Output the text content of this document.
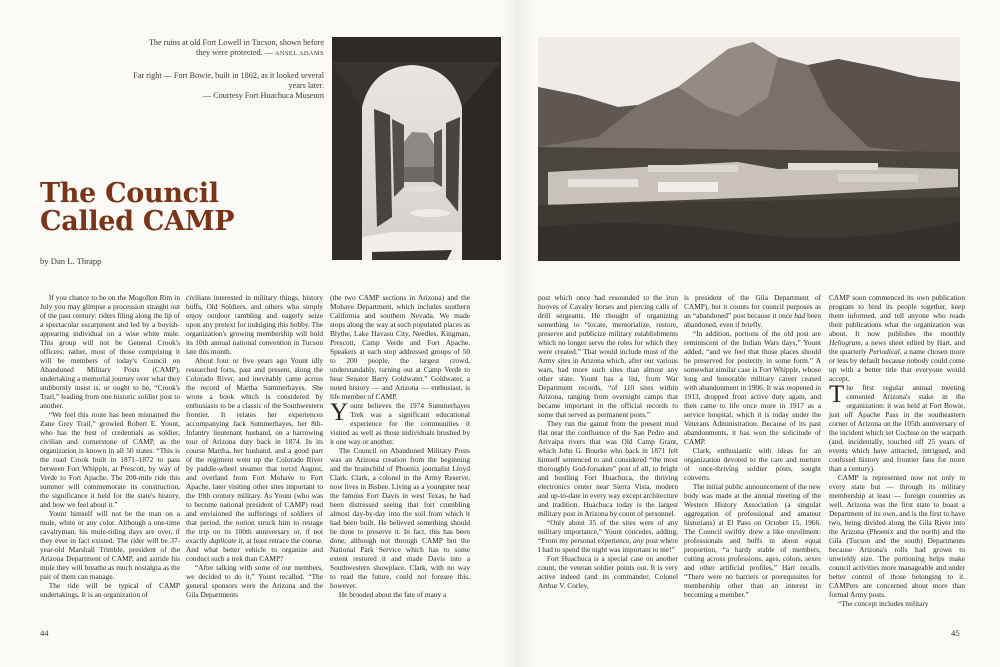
The ruins at old Fort Lowell in Tucson, shown before they were protected. — ANSEL ADAMS
Far right — Fort Bowie, built in 1862, as it looked several years later.
— Courtesy Fort Huachuca Museum
The Council
Called CAMP
by Dan L. Thrapp

If you chance to be on the Mogollon Rim in July you may glimpse a procession straight out of the past century: riders filing along the lip of a spectacular escarpment and led by a boyish-appearing individual on a wise white mule. This group will not be General Crook's officers; rather, most of those comprising it will be members of today's Council on Abandoned Military Posts (CAMP), undertaking a memorial journey over what they stubbornly insist is, or ought to be, “Crook's Trail,” leading from one historic soldier post to another.

“We feel this route has been misnamed the Zane Grey Trail,” growled Robert E. Yount, who has the best of credentials as soldier, civilian and cornerstone of CAMP, as the organization is known in all 50 states. “This is the road Crook built in 1871–1872 to pass between Fort Whipple, at Prescott, by way of Verde to Fort Apache. The 200-mile ride this summer will commemorate its construction, the significance it held for the state's history, and how we feel about it.”

Yount himself will not be the man on a mule, white or any color. Although a one-time cavalryman, his mule-riding days are over, if they ever in fact existed. The rider will be 37-year-old Marshall Trimble, president of the Arizona Department of CAMP, and astride his mule they will breathe as much nostalgia as the pair of them can manage.

The ride will be typical of CAMP undertakings. It is an organization of

civilians interested in military things, history buffs, Old Soldiers, and others who simply enjoy outdoor rambling and eagerly seize upon any pretext for indulging this hobby. The organization's growing membership will hold its 10th annual national convention in Tucson late this month.

About four or five years ago Yount idly researched forts, past and present, along the Colorado River, and inevitably came across the record of Martha Summerhayes. She wrote a book which is considered by enthusiasts to be a classic of the Southwestern frontier. It relates her experiences accompanying Jack Summerhayes, her 8th-Infantry lieutenant husband, on a harrowing tour of Arizona duty back in 1874. In its course Martha, her husband, and a good part of the regiment went up the Colorado River by paddle-wheel steamer that torrid August, and overland from Fort Mohave to Fort Apache, later visiting other sites important to the 19th century military. As Yount (who was to become national president of CAMP) read and envisioned the sufferings of soldiers of that period, the notion struck him to restage the trip on its 100th anniversary or, if not exactly duplicate it, at least retrace the course. And what better vehicle to organize and conduct such a trek than CAMP?

“After talking with some of our members, we decided to do it,” Yount recalled. “The general sponsors were the Arizona and the Gila Departments

(the two CAMP sections in Arizona) and the Mohave Department, which includes southern California and southern Nevada. We made stops along the way at such populated places as Blythe, Lake Havasu City, Needles, Kingman, Prescott, Camp Verde and Fort Apache. Speakers at each stop addressed groups of 50 to 200 people, the largest crowd, understandably, turning out at Camp Verde to hear Senator Barry Goldwater.” Goldwater, a noted history — and Arizona — enthusiast, is life member of CAMP.

Yount believes the 1974 Summerhayes Trek was a significant educational experience for the communities it visited as well as those individuals brushed by it one way or another.

The Council on Abandoned Military Posts was an Arizona creation from the beginning and the brainchild of Phoenix journalist Lloyd Clark. Clark, a colonel in the Army Reserve, now lives in Bisbee. Living as a youngster near the famous Fort Davis in west Texas, he had been distressed seeing that fort crumbling almost day-by-day into the soil from which it had been built. He believed something should be done to preserve it. In fact, this has been done, although not through CAMP but the National Park Service which has to some extent restored it and made Davis into a Southwestern showplace. Clark, with no way to read the future, could not foresee this, however.

He brooded about the fate of many a

post which once had resounded to the iron hooves of Cavalry horses and piercing calls of drill sergeants. He thought of organizing something to “locate, memorialize, restore, preserve and publicize military establishments which no longer serve the roles for which they were created.” That would include most of the Army sites in Arizona which, after our various wars, had more such sites than almost any other state. Yount has a list, from War Department records, “of 110 sites within Arizona, ranging from overnight camps that became important in the official records to some that served as permanent posts.”

They run the gamut from the present mud flat near the confluence of the San Pedro and Arivaipa rivers that was Old Camp Grant, which John G. Bourke who back in 1871 felt himself sentenced to and considered “the most thoroughly God-forsaken” post of all, to bright and bustling Fort Huachuca, the thriving electronics center near Sierra Vista, modern and up-to-date in every way except architecture and tradition. Huachuca today is the largest military post in Arizona by count of personnel.

“Only about 35 of the sites were of any military importance,” Yount concedes, adding, “From my personal experience, any post where I had to spend the night was important to me!”

Fort Huachuca is a special case on another count, the veteran soldier points out. It is very active indeed (and its commander, Colonel Arthur V. Corley,

is president of the Gila Department of CAMP), but it counts for council purposes as an “abandoned” post because it once had been abandoned, even if briefly.

“In addition, portions of the old post are reminiscent of the Indian Wars days,” Yount added, “and we feel that those places should be preserved for posterity in some form.” A somewhat similar case is Fort Whipple, whose long and honorable military career ceased with abandonment in 1906. It was reopened in 1913, dropped from active duty again, and then came to life once more in 1917 as a service hospital, which it is today under the Veterans Administration. Because of its past abandonments, it has won the solicitude of CAMP.

Clark, enthusiastic with ideas for an organization devoted to the care and nurture of once-thriving soldier posts, sought converts.

The initial public announcement of the new body was made at the annual meeting of the Western History Association (a singular aggregation of professional and amateur historians) at El Paso on October 15, 1966. The Council swiftly drew a like enrollment: professionals and buffs in about equal proportion, “a hardy stable of members, cutting across professions, ages, colors, sexes and other artificial profiles,” Hart recalls. “There were no barriers or prerequisites for membership other than an interest in becoming a member.”

CAMP soon commenced its own publication program to bind its people together, keep them informed, and tell anyone who reads their publications what the organization was about. It now publishes the monthly Heliogram, a news sheet edited by Hart, and the quarterly Periodical, a name chosen more or less by default because nobody could come up with a better title that everyone would accept.

The first regular annual meeting cemented Arizona's stake in the organization: it was held at Fort Bowie, just off Apache Pass in the southeastern corner of Arizona on the 105th anniversary of the incident which set Cochise on the warpath (and, incidentally, touched off 25 years of events which have attracted, intrigued, and confused history and frontier fans for more than a century).

CAMP is represented now not only in every state but — through its military membership at least — foreign countries as well. Arizona was the first state to boast a Department of its own, and is the first to have two, being divided along the Gila River into the Arizona (Phoenix and the north) and the Gila (Tucson and the south) Departments because Arizona's rolls had grown to unwieldy size. The portioning helps make council activities more manageable and under better control of those belonging to it. CAMPers are concerned about more than formal Army posts.

“The concept includes military

44	45
